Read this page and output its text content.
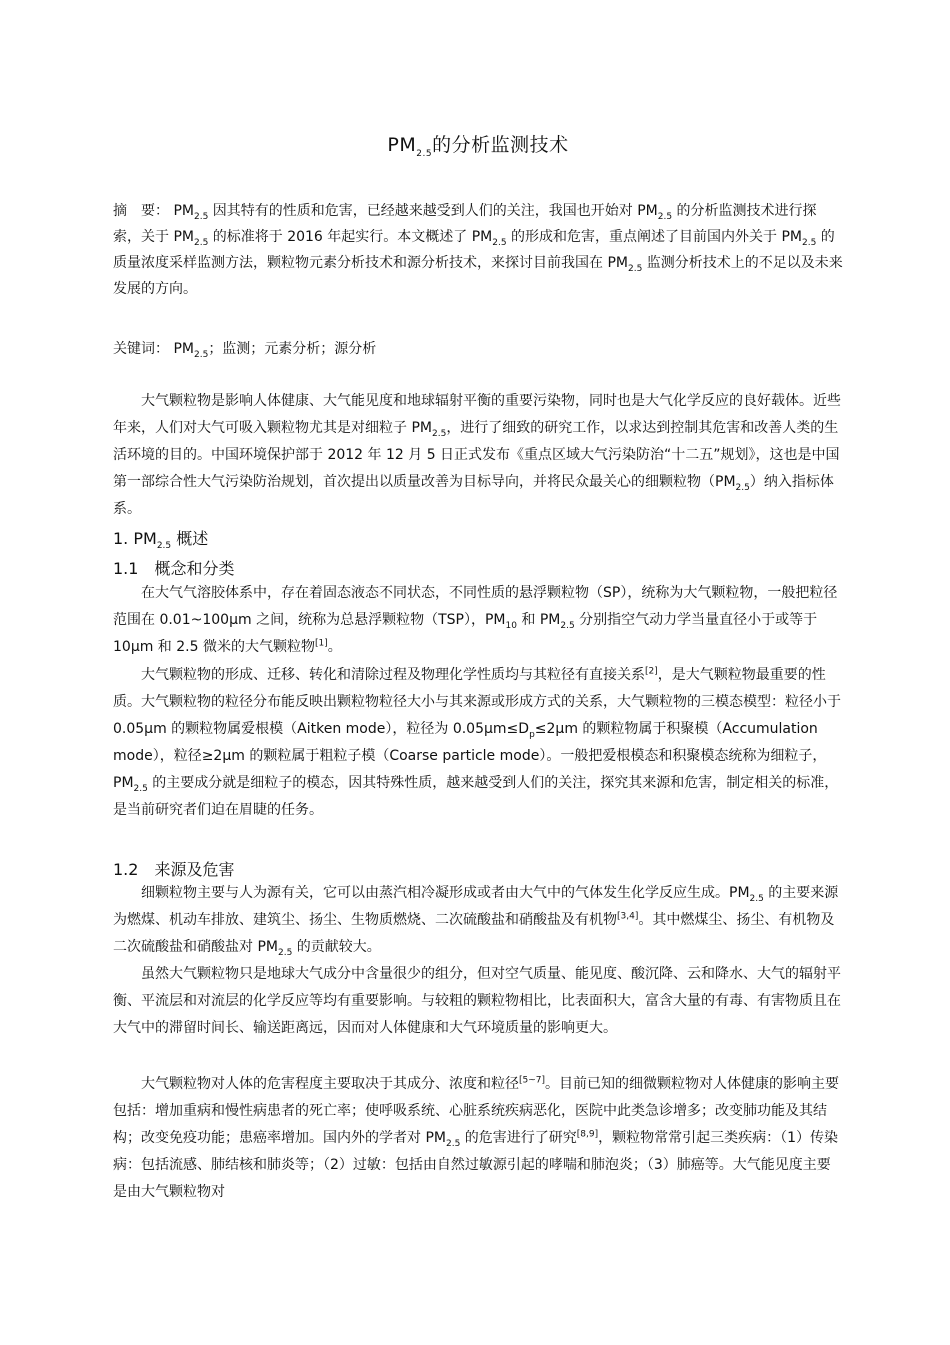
$PM_{2.5}$的分析监测技术
摘　要： $PM_{2.5}$ 因其特有的性质和危害，已经越来越受到人们的关注，我国也开始对 $PM_{2.5}$ 的分析监测技术进行探索，关于 $PM_{2.5}$ 的标准将于 2016 年起实行。本文概述了 $PM_{2.5}$ 的形成和危害，重点阐述了目前国内外关于 $PM_{2.5}$ 的质量浓度采样监测方法，颗粒物元素分析技术和源分析技术，来探讨目前我国在 $PM_{2.5}$ 监测分析技术上的不足以及未来发展的方向。
关键词： $PM_{2.5}$；监测；元素分析；源分析
大气颗粒物是影响人体健康、大气能见度和地球辐射平衡的重要污染物，同时也是大气化学反应的良好载体。近些年来，人们对大气可吸入颗粒物尤其是对细粒子 $PM_{2.5}$，进行了细致的研究工作，以求达到控制其危害和改善人类的生活环境的目的。中国环境保护部于 2012 年 12 月 5 日正式发布《重点区域大气污染防治“十二五”规划》，这也是中国第一部综合性大气污染防治规划，首次提出以质量改善为目标导向，并将民众最关心的细颗粒物$(PM_{2.5})$纳入指标体系。
1. $PM_{2.5}$ 概述
1.1　概念和分类
在大气气溶胶体系中，存在着固态液态不同状态，不同性质的悬浮颗粒物（SP），统称为大气颗粒物，一般把粒径范围在 0.01~100μm 之间，统称为总悬浮颗粒物（TSP），$PM_{10}$ 和 $PM_{2.5}$ 分别指空气动力学当量直径小于或等于 10μm 和 2.5 微米的大气颗粒物[1]。
大气颗粒物的形成、迁移、转化和清除过程及物理化学性质均与其粒径有直接关系[2]，是大气颗粒物最重要的性质。大气颗粒物的粒径分布能反映出颗粒物粒径大小与其来源或形成方式的关系，大气颗粒物的三模态模型：粒径小于 0.05μm 的颗粒物属爱根模（Aitken mode），粒径为 $0.05\mu m\le D_p\le 2\mu m$ 的颗粒物属于积聚模（Accumulation mode），粒径≥2μm 的颗粒属于粗粒子模（Coarse particle mode）。一般把爱根模态和积聚模态统称为细粒子，$PM_{2.5}$ 的主要成分就是细粒子的模态，因其特殊性质，越来越受到人们的关注，探究其来源和危害，制定相关的标准，是当前研究者们迫在眉睫的任务。
1.2　来源及危害
细颗粒物主要与人为源有关，它可以由蒸汽相冷凝形成或者由大气中的气体发生化学反应生成。$PM_{2.5}$ 的主要来源为燃煤、机动车排放、建筑尘、扬尘、生物质燃烧、二次硫酸盐和硝酸盐及有机物[3,4]。其中燃煤尘、扬尘、有机物及二次硫酸盐和硝酸盐对 $PM_{2.5}$ 的贡献较大。
虽然大气颗粒物只是地球大气成分中含量很少的组分，但对空气质量、能见度、酸沉降、云和降水、大气的辐射平衡、平流层和对流层的化学反应等均有重要影响。与较粗的颗粒物相比，比表面积大，富含大量的有毒、有害物质且在大气中的滞留时间长、输送距离远，因而对人体健康和大气环境质量的影响更大。
大气颗粒物对人体的危害程度主要取决于其成分、浓度和粒径[5~7]。目前已知的细微颗粒物对人体健康的影响主要包括：增加重病和慢性病患者的死亡率；使呼吸系统、心脏系统疾病恶化，医院中此类急诊增多；改变肺功能及其结构；改变免疫功能；患癌率增加。国内外的学者对 $PM_{2.5}$ 的危害进行了研究[8,9]，颗粒物常常引起三类疾病：（1）传染病：包括流感、肺结核和肺炎等；（2）过敏：包括由自然过敏源引起的哮喘和肺泡炎；（3）肺癌等。大气能见度主要是由大气颗粒物对
